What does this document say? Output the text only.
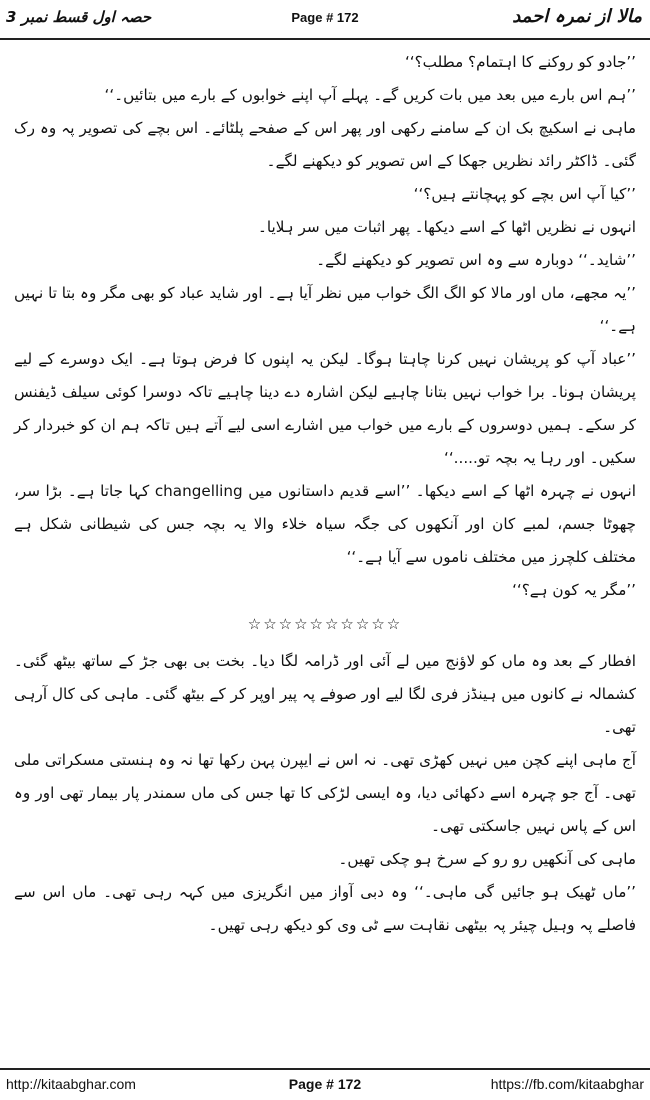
حصہ اول قسط نمبر 3	Page # 172	مالا از نمرہ احمد

’’جادو کو روکنے کا اہتمام؟ مطلب؟‘‘

’’ہم اس بارے میں بعد میں بات کریں گے۔ پہلے آپ اپنے خوابوں کے بارے میں بتائیں۔‘‘

ماہی نے اسکیچ بک ان کے سامنے رکھی اور پھر اس کے صفحے پلٹائے۔ اس بچے کی تصویر پہ وہ رک گئی۔ ڈاکٹر رائد نظریں جھکا کے اس تصویر کو دیکھنے لگے۔

’’کیا آپ اس بچے کو پہچانتے ہیں؟‘‘

انہوں نے نظریں اٹھا کے اسے دیکھا۔ پھر اثبات میں سر ہلایا۔

’’شاید۔‘‘ دوبارہ سے وہ اس تصویر کو دیکھنے لگے۔

’’یہ مجھے، ماں اور مالا کو الگ الگ خواب میں نظر آیا ہے۔ اور شاید عباد کو بھی مگر وہ بتا تا نہیں ہے۔‘‘

’’عباد آپ کو پریشان نہیں کرنا چاہتا ہوگا۔ لیکن یہ اپنوں کا فرض ہوتا ہے۔ ایک دوسرے کے لیے پریشان ہونا۔ برا خواب نہیں بتانا چاہیے لیکن اشارہ دے دینا چاہیے تاکہ دوسرا کوئی سیلف ڈیفنس کر سکے۔ ہمیں دوسروں کے بارے میں خواب میں اشارے اسی لیے آتے ہیں تاکہ ہم ان کو خبردار کر سکیں۔ اور رہا یہ بچہ تو.....‘‘

انہوں نے چہرہ اٹھا کے اسے دیکھا۔ ’’اسے قدیم داستانوں میں changelling کہا جاتا ہے۔ بڑا سر، چھوٹا جسم، لمبے کان اور آنکھوں کی جگہ سیاہ خلاء والا یہ بچہ جس کی شیطانی شکل ہے مختلف کلچرز میں مختلف ناموں سے آیا ہے۔‘‘

’’مگر یہ کون ہے؟‘‘

☆☆☆☆☆☆☆☆☆☆

افطار کے بعد وہ ماں کو لاؤنج میں لے آئی اور ڈرامہ لگا دیا۔ بخت بی بھی جڑ کے ساتھ بیٹھ گئی۔ کشمالہ نے کانوں میں ہینڈز فری لگا لیے اور صوفے پہ پیر اوپر کر کے بیٹھ گئی۔ ماہی کی کال آرہی تھی۔

آج ماہی اپنے کچن میں نہیں کھڑی تھی۔ نہ اس نے ایپرن پہن رکھا تھا نہ وہ ہنستی مسکراتی ملی تھی۔ آج جو چہرہ اسے دکھائی دیا، وہ ایسی لڑکی کا تھا جس کی ماں سمندر پار بیمار تھی اور وہ اس کے پاس نہیں جاسکتی تھی۔

ماہی کی آنکھیں رو رو کے سرخ ہو چکی تھیں۔

’’ماں ٹھیک ہو جائیں گی ماہی۔‘‘ وہ دبی آواز میں انگریزی میں کہہ رہی تھی۔ ماں اس سے فاصلے پہ وہیل چیئر پہ بیٹھی نقاہت سے ٹی وی کو دیکھ رہی تھیں۔

http://kitaabghar.com	Page # 172	https://fb.com/kitaabghar
